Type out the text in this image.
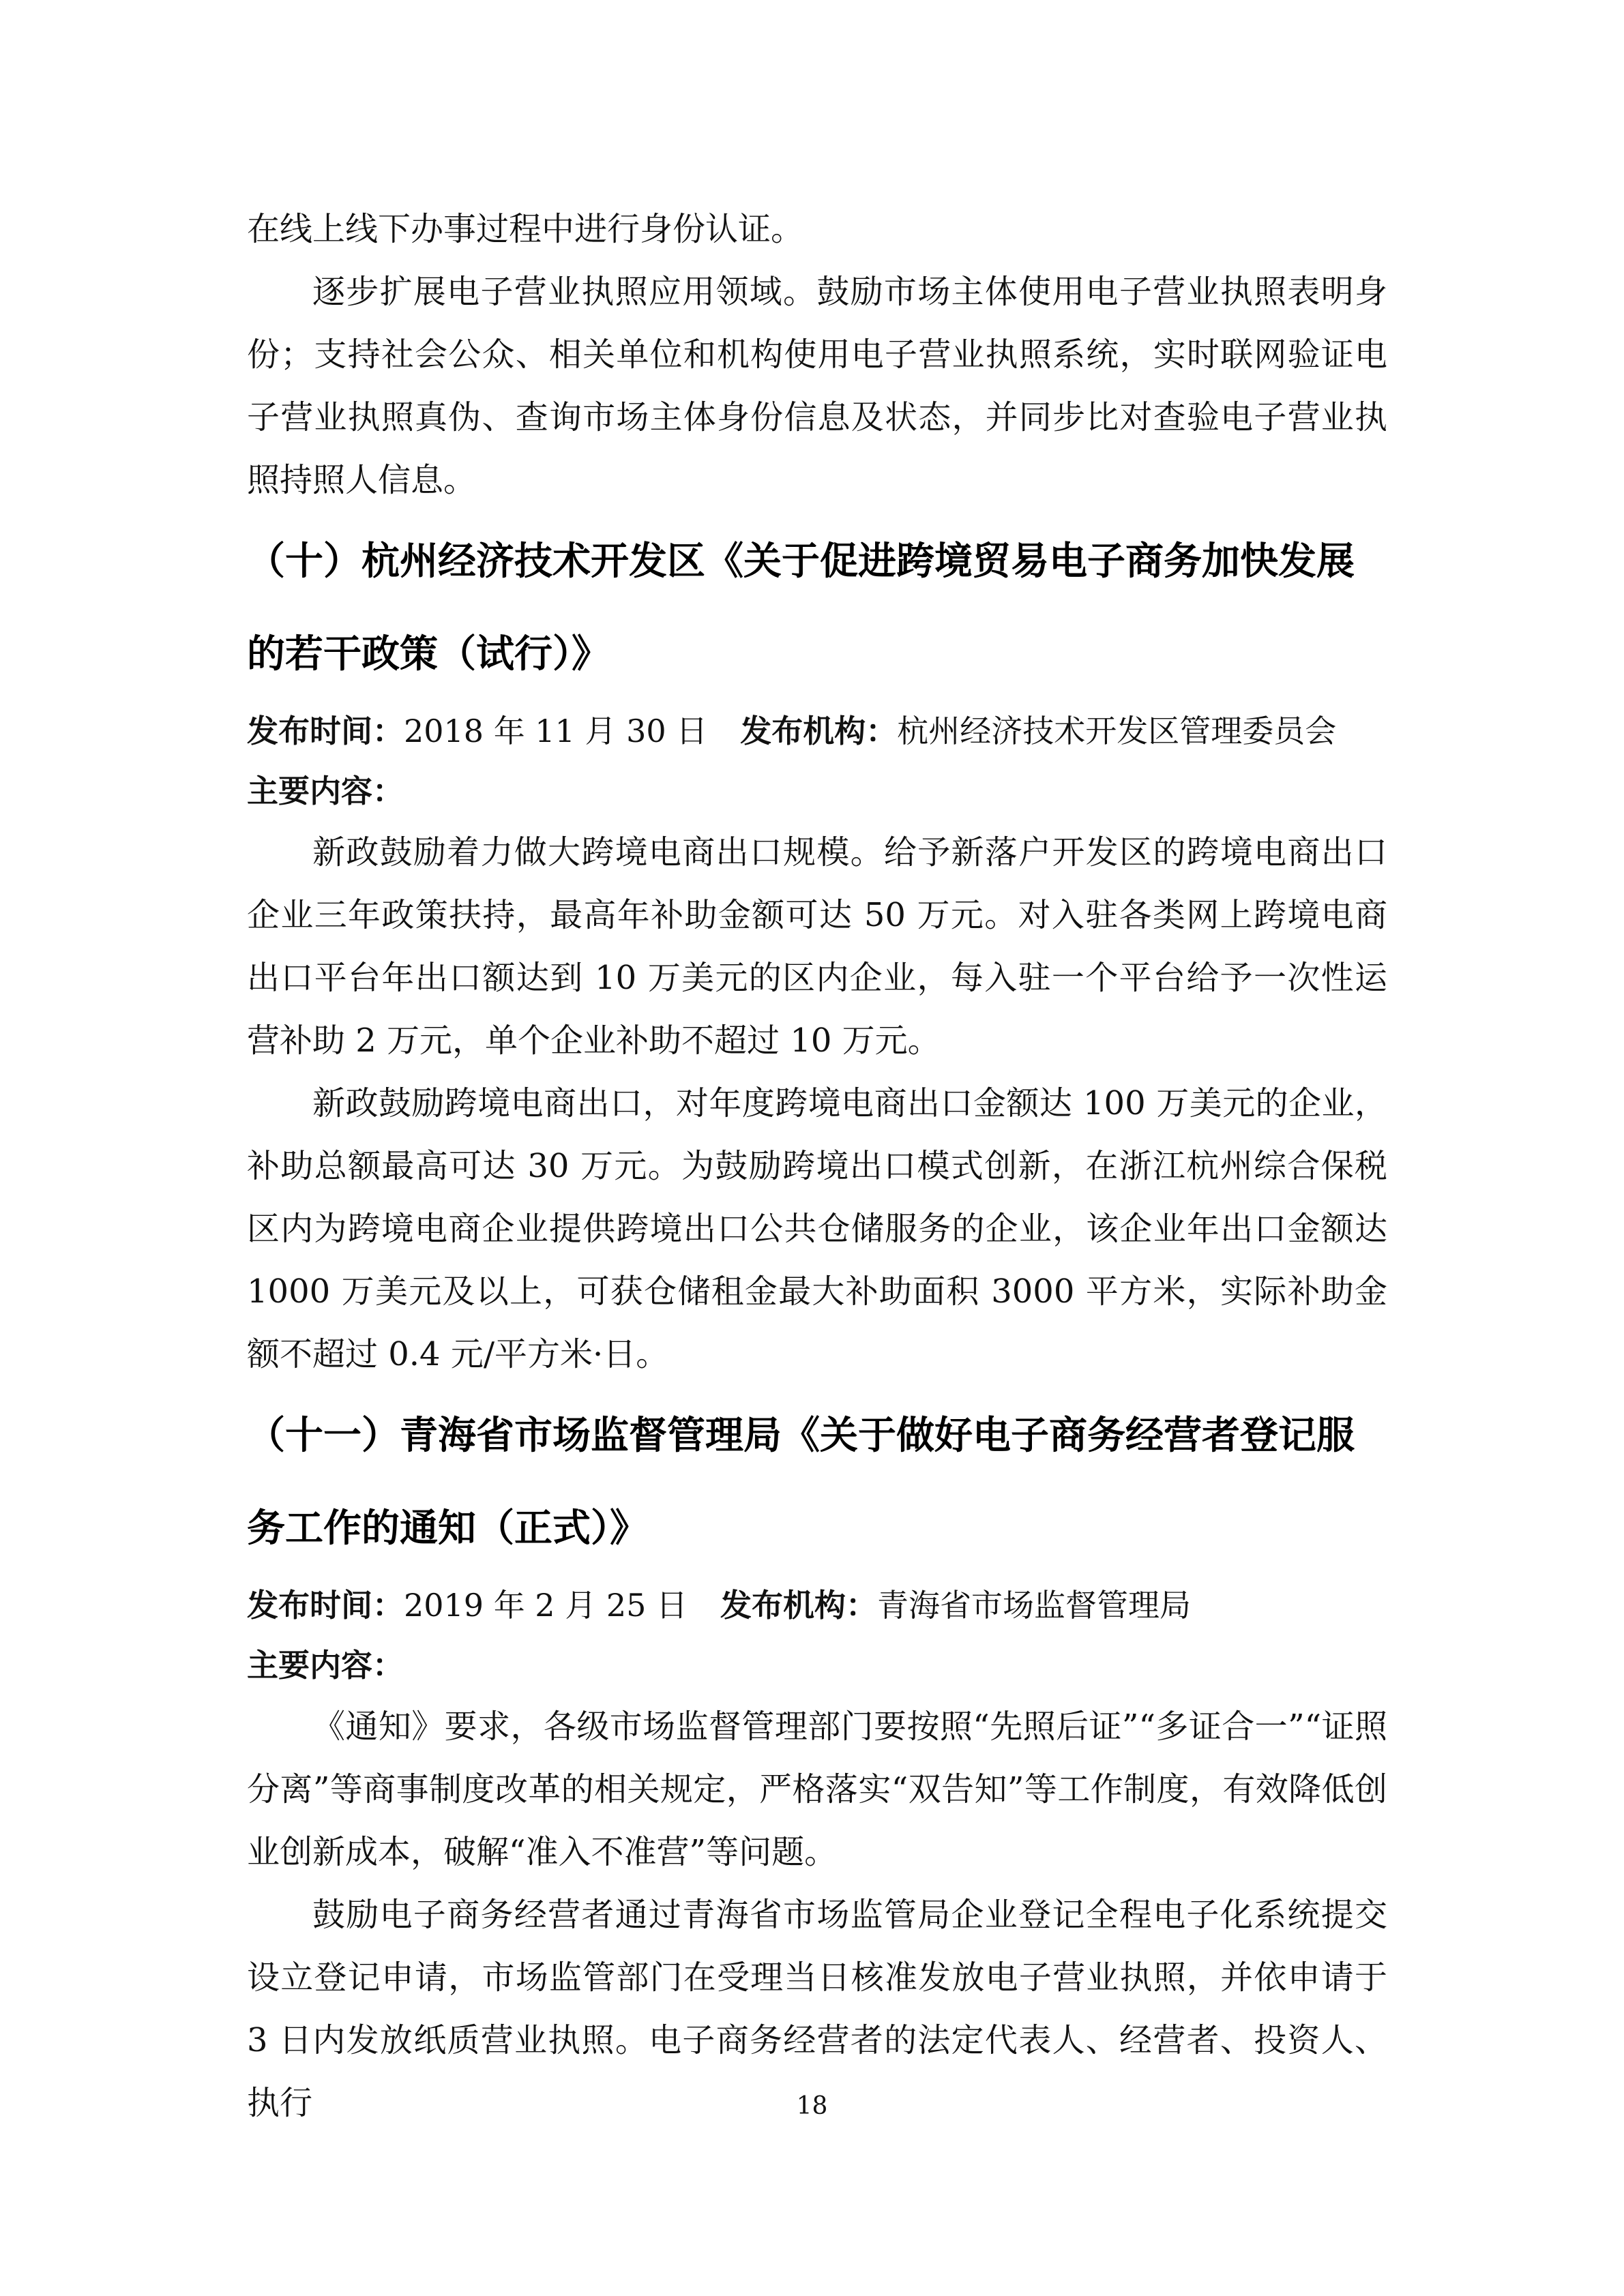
在线上线下办事过程中进行身份认证。

逐步扩展电子营业执照应用领域。鼓励市场主体使用电子营业执照表明身份；支持社会公众、相关单位和机构使用电子营业执照系统，实时联网验证电子营业执照真伪、查询市场主体身份信息及状态，并同步比对查验电子营业执照持照人信息。

（十）杭州经济技术开发区《关于促进跨境贸易电子商务加快发展的若干政策（试行）》

发布时间：2018 年 11 月 30 日 发布机构：杭州经济技术开发区管理委员会

主要内容：

新政鼓励着力做大跨境电商出口规模。给予新落户开发区的跨境电商出口企业三年政策扶持，最高年补助金额可达 50 万元。对入驻各类网上跨境电商出口平台年出口额达到 10 万美元的区内企业，每入驻一个平台给予一次性运营补助 2 万元，单个企业补助不超过 10 万元。

新政鼓励跨境电商出口，对年度跨境电商出口金额达 100 万美元的企业，补助总额最高可达 30 万元。为鼓励跨境出口模式创新，在浙江杭州综合保税区内为跨境电商企业提供跨境出口公共仓储服务的企业，该企业年出口金额达 1000 万美元及以上，可获仓储租金最大补助面积 3000 平方米，实际补助金额不超过 0.4 元/平方米·日。

（十一）青海省市场监督管理局《关于做好电子商务经营者登记服务工作的通知（正式）》

发布时间：2019 年 2 月 25 日 发布机构：青海省市场监督管理局

主要内容：

《通知》要求，各级市场监督管理部门要按照“先照后证”“多证合一”“证照分离”等商事制度改革的相关规定，严格落实“双告知”等工作制度，有效降低创业创新成本，破解“准入不准营”等问题。

鼓励电子商务经营者通过青海省市场监管局企业登记全程电子化系统提交设立登记申请，市场监管部门在受理当日核准发放电子营业执照，并依申请于 3 日内发放纸质营业执照。电子商务经营者的法定代表人、经营者、投资人、执行	18
